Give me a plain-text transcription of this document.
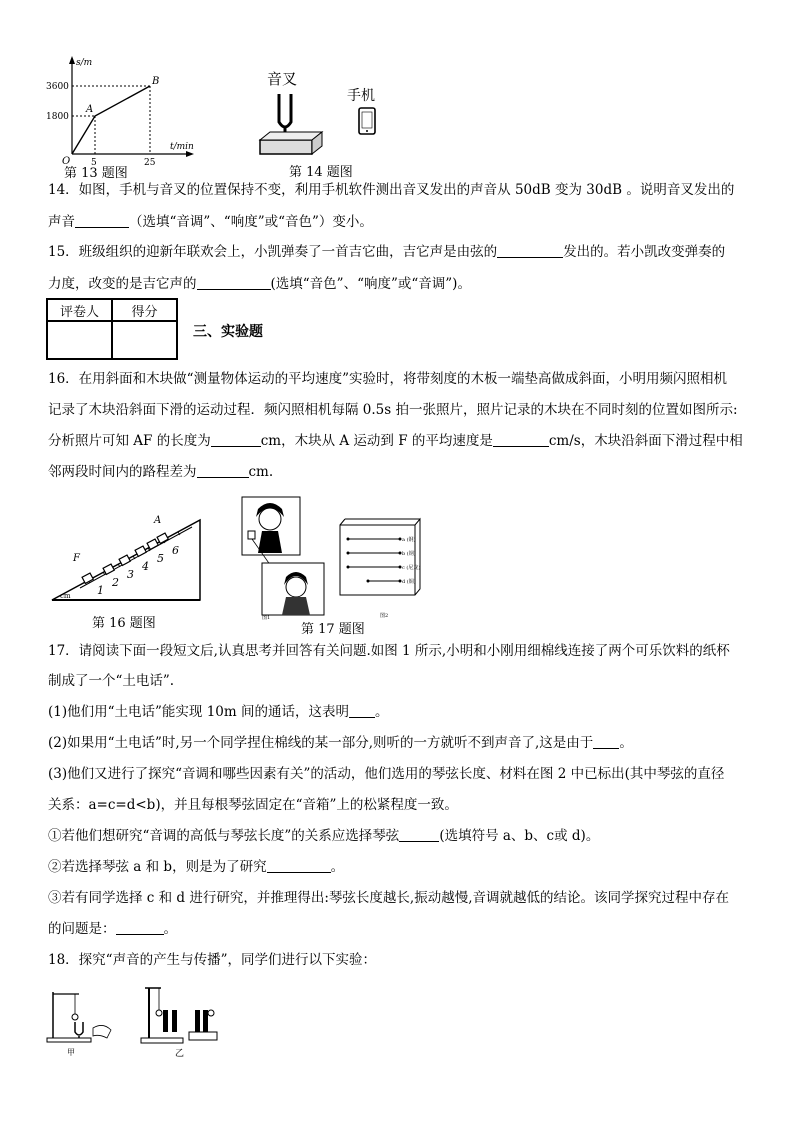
s/m
3600
1800
O
A
B
5	25
t/min
第 13 题图
音叉
手机
第 14 题图
14．如图，手机与音叉的位置保持不变，利用手机软件测出音叉发出的声音从 50dB 变为 30dB 。说明音叉发出的
声音	（选填“音调”、“响度”或“音色”）变小。
15．班级组织的迎新年联欢会上，小凯弹奏了一首吉它曲，吉它声是由弦的	发出的。若小凯改变弹奏的
力度，改变的是吉它声的	(选填“音色”、“响度”或“音调”)。
评卷人	得分

三、实验题
16．在用斜面和木块做“测量物体运动的平均速度”实验时，将带刻度的木板一端垫高做成斜面，小明用频闪照相机
记录了木块沿斜面下滑的运动过程．频闪照相机每隔 0.5s 拍一张照片，照片记录的木块在不同时刻的位置如图所示:
分析照片可知 AF 的长度为	cm，木块从 A 运动到 F 的平均速度是	cm/s，木块沿斜面下滑过程中相
邻两段时间内的路程差为	cm.
A
F
1
2
3
4
5
6
cm
第 16 题图	图1
a (钢)
b (钢)
c (尼龙)
d (铜)
图2
第 17 题图
17．请阅读下面一段短文后,认真思考并回答有关问题.如图 1 所示,小明和小刚用细棉线连接了两个可乐饮料的纸杯
制成了一个“土电话”.
(1)他们用“土电话”能实现 10m 间的通话，这表明 。
(2)如果用“土电话”时,另一个同学捏住棉线的某一部分,则听的一方就听不到声音了,这是由于 。
(3)他们又进行了探究“音调和哪些因素有关”的活动，他们选用的琴弦长度、材料在图 2 中已标出(其中琴弦的直径
关系：a=c=d<b)，并且每根琴弦固定在“音箱”上的松紧程度一致。
①若他们想研究“音调的高低与琴弦长度”的关系应选择琴弦	(选填符号 a、b、c或 d)。
②若选择琴弦 a 和 b，则是为了研究	。
③若有同学选择 c 和 d 进行研究，并推理得出:琴弦长度越长,振动越慢,音调就越低的结论。该同学探究过程中存在
的问题是：	。
18．探究“声音的产生与传播”，同学们进行以下实验：
甲	乙
